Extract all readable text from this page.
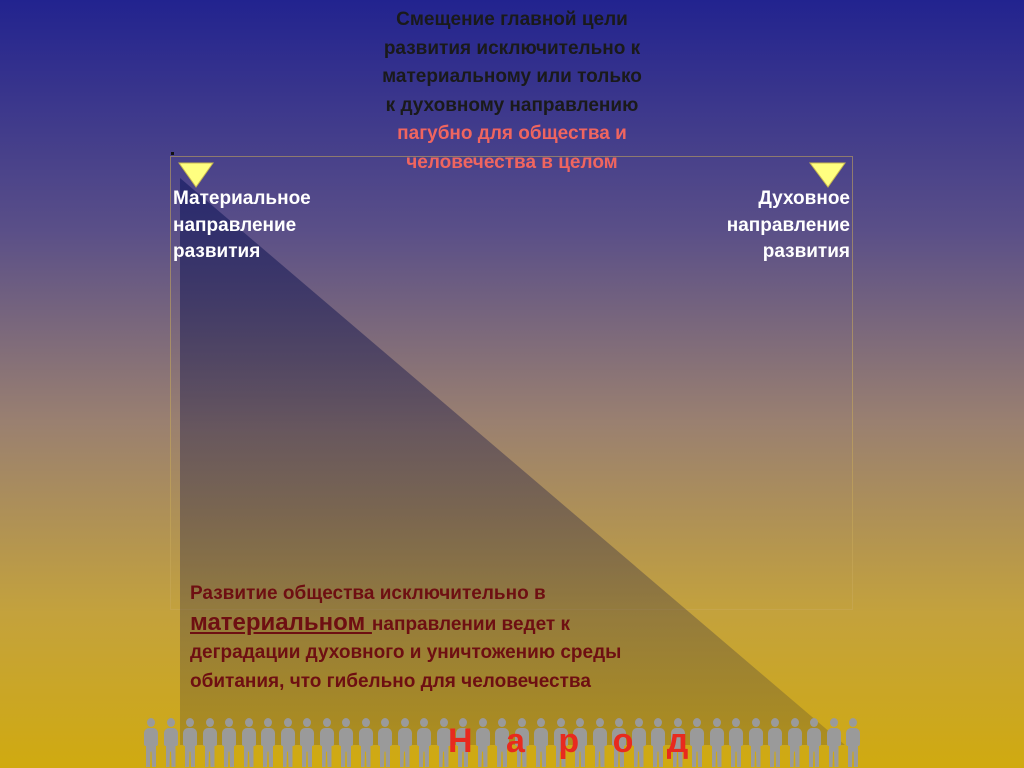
Смещение главной цели развития исключительно к материальному или только к духовному направлению пагубно для общества и человечества в целом
Материальное направление развития
Духовное направление развития
Развитие общества исключительно в материальном направлении ведет к деградации духовного и уничтожению среды обитания, что гибельно для человечества
Н а р о д
